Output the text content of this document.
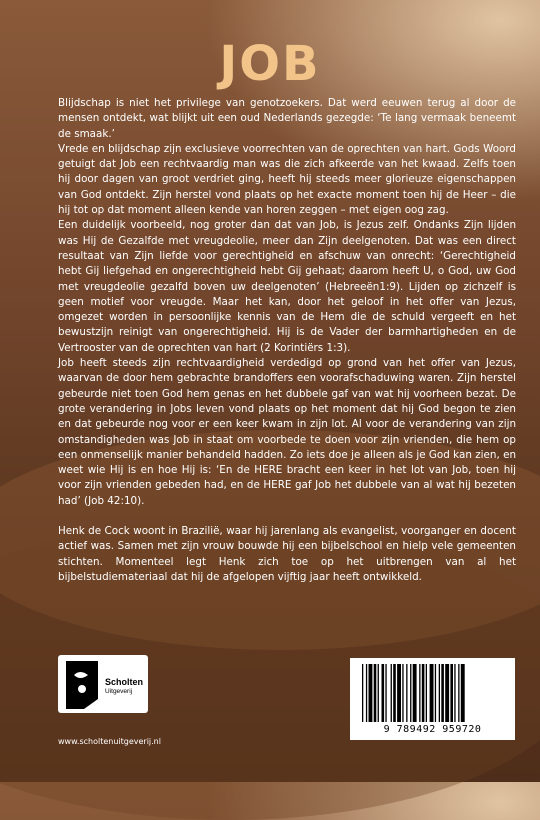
JOB

Blijdschap is niet het privilege van genotzoekers. Dat werd eeuwen terug al door de mensen ontdekt, wat blijkt uit een oud Nederlands gezegde: ‘Te lang vermaak beneemt de smaak.’

Vrede en blijdschap zijn exclusieve voorrechten van de oprechten van hart. Gods Woord getuigt dat Job een rechtvaardig man was die zich afkeerde van het kwaad. Zelfs toen hij door dagen van groot verdriet ging, heeft hij steeds meer glorieuze eigenschappen van God ontdekt. Zijn herstel vond plaats op het exacte moment toen hij de Heer – die hij tot op dat moment alleen kende van horen zeggen – met eigen oog zag.

Een duidelijk voorbeeld, nog groter dan dat van Job, is Jezus zelf. Ondanks Zijn lijden was Hij de Gezalfde met vreugdeolie, meer dan Zijn deelgenoten. Dat was een direct resultaat van Zijn liefde voor gerechtigheid en afschuw van onrecht: ‘Gerechtigheid hebt Gij liefgehad en ongerechtigheid hebt Gij gehaat; daarom heeft U, o God, uw God met vreugdeolie gezalfd boven uw deelgenoten’ (Hebreeën1:9). Lijden op zichzelf is geen motief voor vreugde. Maar het kan, door het geloof in het offer van Jezus, omgezet worden in persoonlijke kennis van de Hem die de schuld vergeeft en het bewustzijn reinigt van ongerechtigheid. Hij is de Vader der barmhartigheden en de Vertrooster van de oprechten van hart (2 Korintiërs 1:3).

Job heeft steeds zijn rechtvaardigheid verdedigd op grond van het offer van Jezus, waarvan de door hem gebrachte brandoffers een voorafschaduwing waren. Zijn herstel gebeurde niet toen God hem genas en het dubbele gaf van wat hij voorheen bezat. De grote verandering in Jobs leven vond plaats op het moment dat hij God begon te zien en dat gebeurde nog voor er een keer kwam in zijn lot. Al voor de verandering van zijn omstandigheden was Job in staat om voorbede te doen voor zijn vrienden, die hem op een onmenselijk manier behandeld hadden. Zo iets doe je alleen als je God kan zien, en weet wie Hij is en hoe Hij is: ‘En de HERE bracht een keer in het lot van Job, toen hij voor zijn vrienden gebeden had, en de HERE gaf Job het dubbele van al wat hij bezeten had’ (Job 42:10).

Henk de Cock woont in Brazilië, waar hij jarenlang als evangelist, voorganger en docent actief was. Samen met zijn vrouw bouwde hij een bijbelschool en hielp vele gemeenten stichten. Momenteel legt Henk zich toe op het uitbrengen van al het bijbelstudiemateriaal dat hij de afgelopen vijftig jaar heeft ontwikkeld.

Scholten
Uitgeverij
www.scholtenuitgeverij.nl
9 789492 959720
